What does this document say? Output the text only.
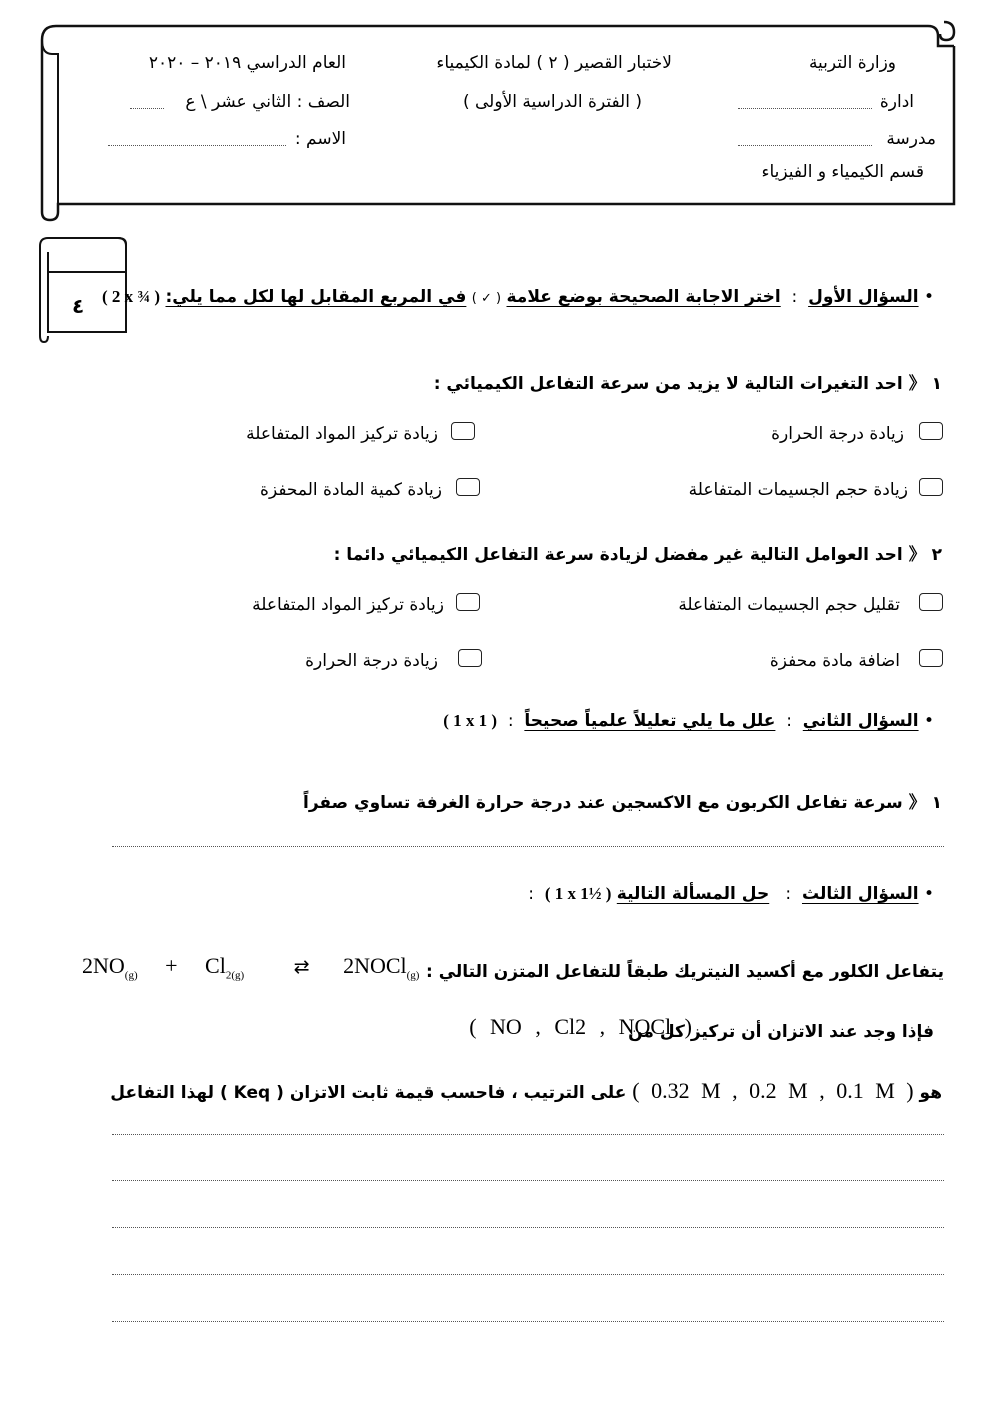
وزارة التربية
ادارة
مدرسة
قسم الكيمياء و الفيزياء
لاختبار القصير ( ٢ ) لمادة الكيمياء
( الفترة الدراسية الأولى )
العام الدراسي ٢٠١٩ – ٢٠٢٠
الصف : الثاني عشر \ ع
الاسم :
٤	• السؤال الأول  :  اختر الاجابة الصحيحة بوضع علامة ( ✓ ) في المربع المقابل لها لكل مما يلي: ( 2 x ¾ )
١ 《 احد التغيرات التالية لا يزيد من سرعة التفاعل الكيميائي :
زيادة درجة الحرارة
زيادة تركيز المواد المتفاعلة
زيادة حجم الجسيمات المتفاعلة
زيادة كمية المادة المحفزة
٢ 《 احد العوامل التالية غير مفضل لزيادة سرعة التفاعل الكيميائي دائما :
تقليل حجم الجسيمات المتفاعلة
زيادة تركيز المواد المتفاعلة
اضافة مادة محفزة
زيادة درجة الحرارة
• السؤال الثاني  :  علل ما يلي تعليلاً علمياً صحيحاً  :  ( 1 x 1 )
١ 《 سرعة تفاعل الكربون مع الاكسجين عند درجة حرارة الغرفة تساوي صفراً
• السؤال الثالث  :   حل المسألة التالية ( 1 x 1½ )  :
يتفاعل الكلور مع أكسيد النيتريك طبقاً للتفاعل المتزن التالي :
$2NO_{(g)} + Cl_{2(g)}$	⇄ 2NOCl$_{(g)}$
فإذا وجد عند الاتزان أن تركيز كل من
( NO , Cl2 , NOCl )
هو ( 0.32 M , 0.2 M , 0.1 M ) على الترتيب ، فاحسب قيمة ثابت الاتزان ( Keq ) لهذا التفاعل
